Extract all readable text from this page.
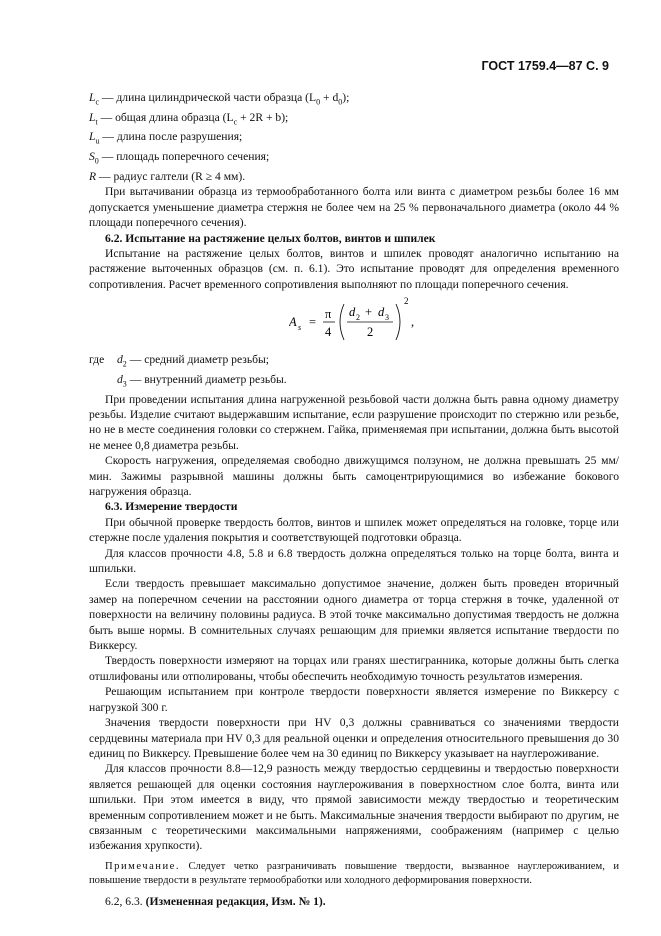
ГОСТ 1759.4—87 С. 9
$L_c$ — длина цилиндрической части образца $(L_0 + d_0)$;
$L_t$ — общая длина образца $(L_c + 2R + b)$;
$L_u$ — длина после разрушения;
$S_0$ — площадь поперечного сечения;
R — радиус галтели (R ≥ 4 мм).

При вытачивании образца из термообработанного болта или винта с диаметром резьбы более 16 мм допускается уменьшение диаметра стержня не более чем на 25 % первоначального диаметра (около 44 % площади поперечного сечения).

6.2. Испытание на растяжение целых болтов, винтов и шпилек

Испытание на растяжение целых болтов, винтов и шпилек проводят аналогично испытанию на растяжение выточенных образцов (см. п. 6.1). Это испытание проводят для определения временного сопротивления. Расчет временного сопротивления выполняют по площади поперечного сечения.

A s =
π
4
d 2 + d 3
2
2
,
где	$d_2$ — средний диаметр резьбы;
$d_3$ — внутренний диаметр резьбы.

При проведении испытания длина нагруженной резьбовой части должна быть равна одному диаметру резьбы. Изделие считают выдержавшим испытание, если разрушение происходит по стержню или резьбе, но не в месте соединения головки со стержнем. Гайка, применяемая при испытании, должна быть высотой не менее 0,8 диаметра резьбы.

Скорость нагружения, определяемая свободно движущимся ползуном, не должна превышать 25 мм/мин. Зажимы разрывной машины должны быть самоцентрирующимися во избежание бокового нагружения образца.

6.3. Измерение твердости

При обычной проверке твердость болтов, винтов и шпилек может определяться на головке, торце или стержне после удаления покрытия и соответствующей подготовки образца.

Для классов прочности 4.8, 5.8 и 6.8 твердость должна определяться только на торце болта, винта и шпильки.

Если твердость превышает максимально допустимое значение, должен быть проведен вторичный замер на поперечном сечении на расстоянии одного диаметра от торца стержня в точке, удаленной от поверхности на величину половины радиуса. В этой точке максимально допустимая твердость не должна быть выше нормы. В сомнительных случаях решающим для приемки является испытание твердости по Виккерсу.

Твердость поверхности измеряют на торцах или гранях шестигранника, которые должны быть слегка отшлифованы или отполированы, чтобы обеспечить необходимую точность результатов измерения.

Решающим испытанием при контроле твердости поверхности является измерение по Виккерсу с нагрузкой 300 г.

Значения твердости поверхности при HV 0,3 должны сравниваться со значениями твердости сердцевины материала при HV 0,3 для реальной оценки и определения относительного превышения до 30 единиц по Виккерсу. Превышение более чем на 30 единиц по Виккерсу указывает на науглероживание.

Для классов прочности 8.8—12,9 разность между твердостью сердцевины и твердостью поверхности является решающей для оценки состояния науглероживания в поверхностном слое болта, винта или шпильки. При этом имеется в виду, что прямой зависимости между твердостью и теоретическим временным сопротивлением может и не быть. Максимальные значения твердости выбирают по другим, не связанным с теоретическими максимальными напряжениями, соображениям (например с целью избежания хрупкости).

Примечание. Следует четко разграничивать повышение твердости, вызванное науглероживанием, и повышение твердости в результате термообработки или холодного деформирования поверхности.

6.2, 6.3. (Измененная редакция, Изм. № 1).
